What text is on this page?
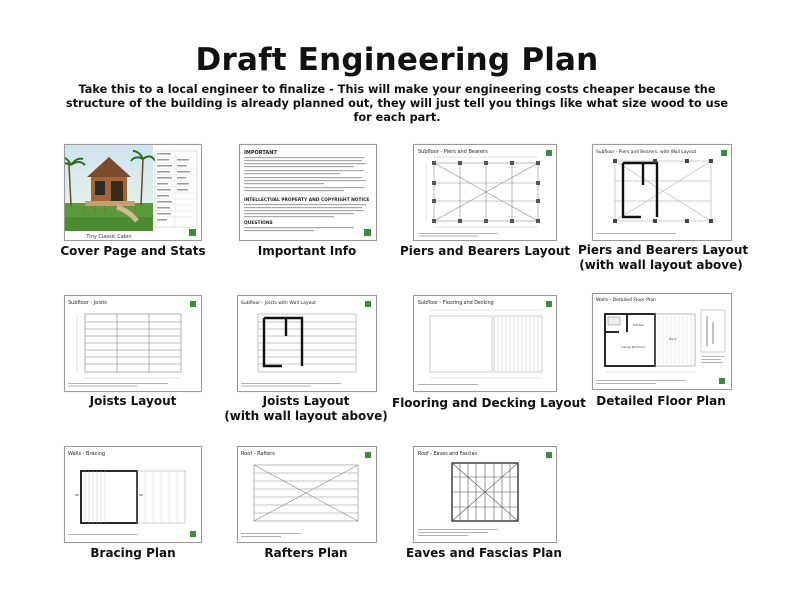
Draft Engineering Plan
Take this to a local engineer to finalize - This will make your engineering costs cheaper because the structure of the building is already planned out, they will just tell you things like what size wood to use for each part.
Tiny Classic Cabin
Cover Page and Stats
IMPORTANT
INTELLECTUAL PROPERTY AND COPYRIGHT NOTICE
QUESTIONS
Important Info
Subfloor - Piers and Bearers
Piers and Bearers Layout
Subfloor - Piers and Bearers, with Wall Layout
Piers and Bearers Layout
(with wall layout above)
Subfloor - Joists
Joists Layout
Subfloor - Joists with Wall Layout
Joists Layout
(with wall layout above)
Subfloor - Flooring and Decking
Flooring and Decking Layout
Walls - Detailed Floor Plan
Kitchen
Living/ Bedroom
Deck
Detailed Floor Plan
Walls - Bracing
Bracing Plan
Roof - Rafters
Rafters Plan
Roof - Eaves and Fascias
Eaves and Fascias Plan
